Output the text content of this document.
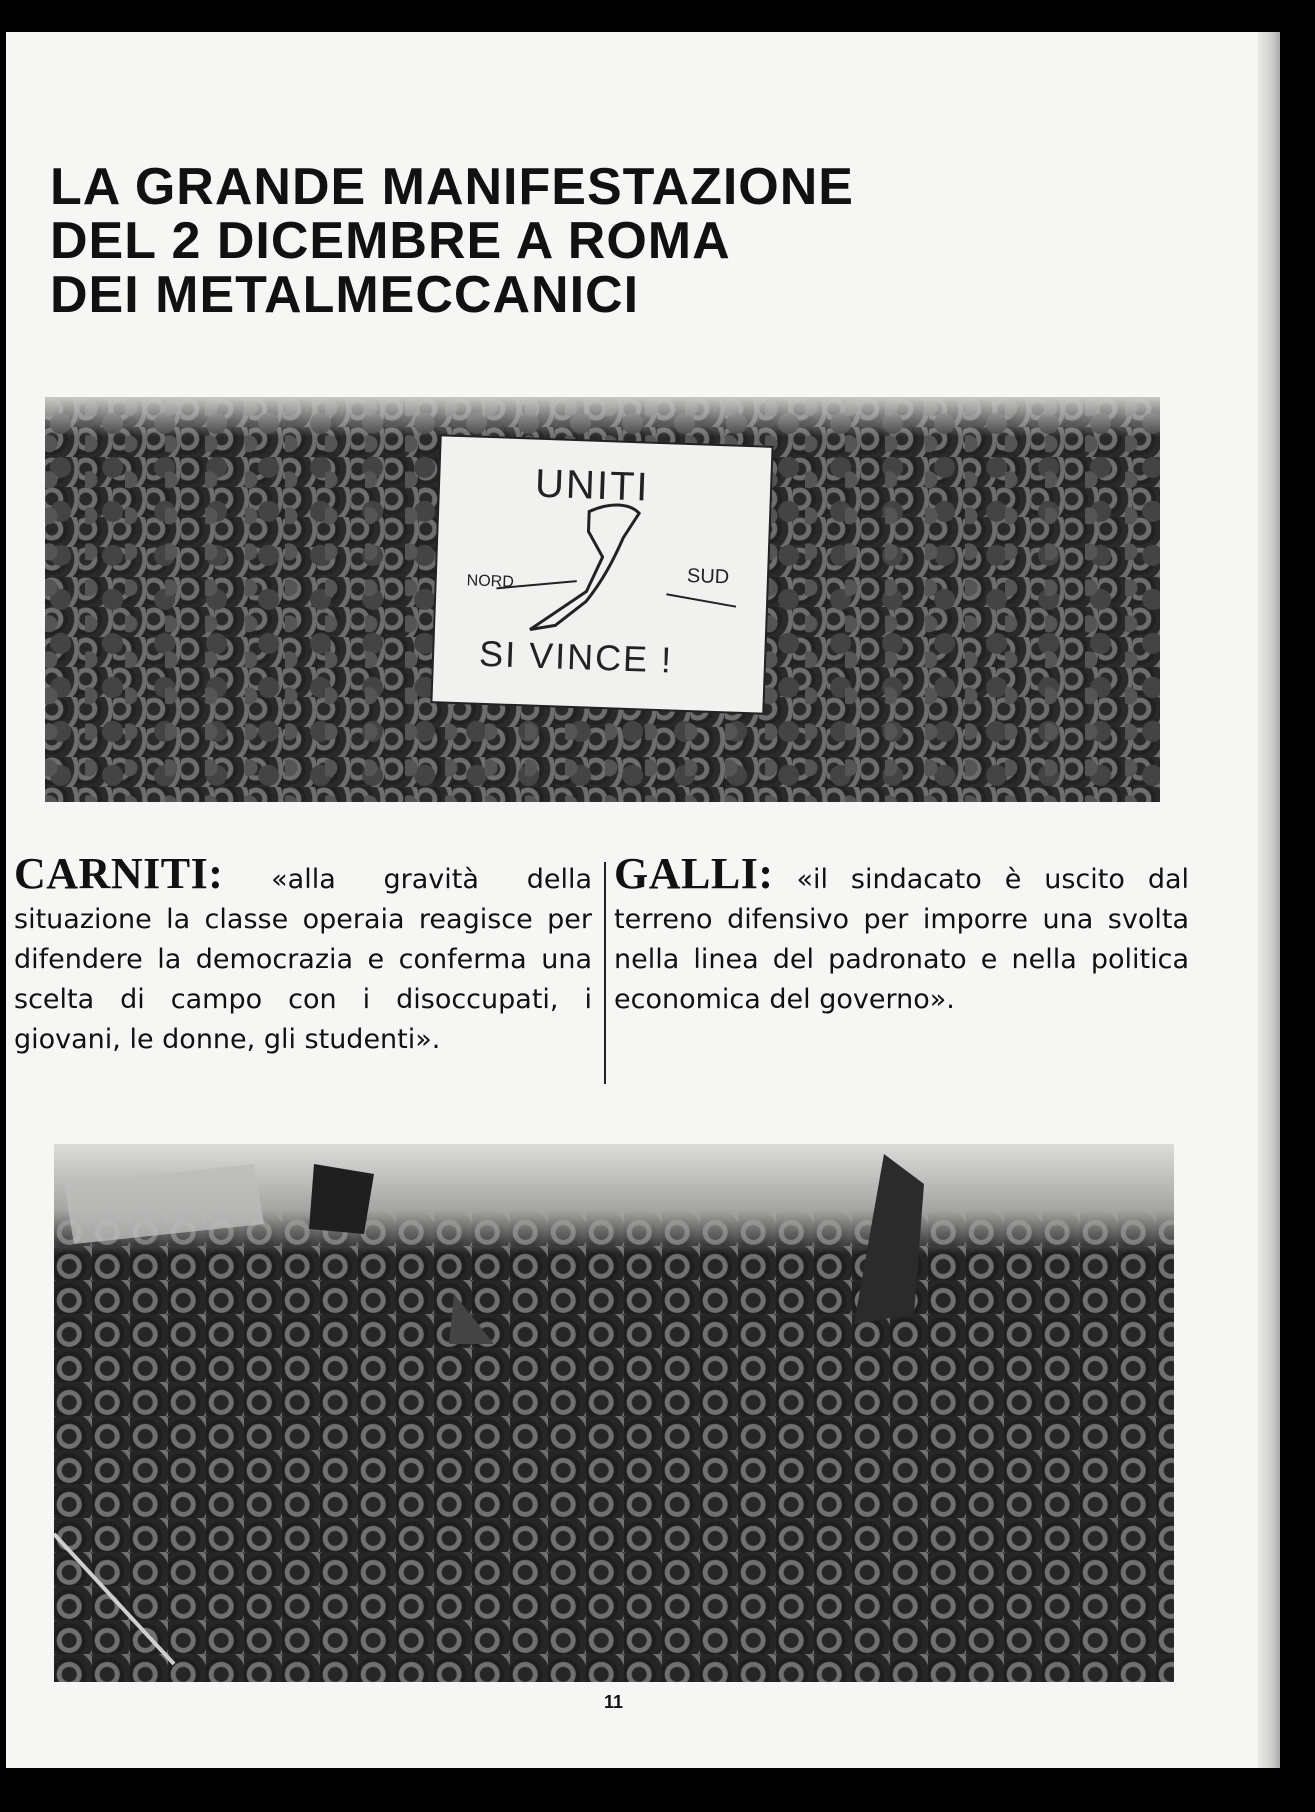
LA GRANDE MANIFESTAZIONE
DEL 2 DICEMBRE A ROMA
DEI METALMECCANICI
UNITI
NORD	SUD
SI VINCE !
CARNITI: «alla gravità della situazione la classe operaia reagisce per difendere la democrazia e conferma una scelta di campo con i disoccupati, i giovani, le donne, gli studenti».
GALLI: «il sindacato è uscito dal terreno difensivo per imporre una svolta nella linea del padronato e nella politica economica del governo».
11
